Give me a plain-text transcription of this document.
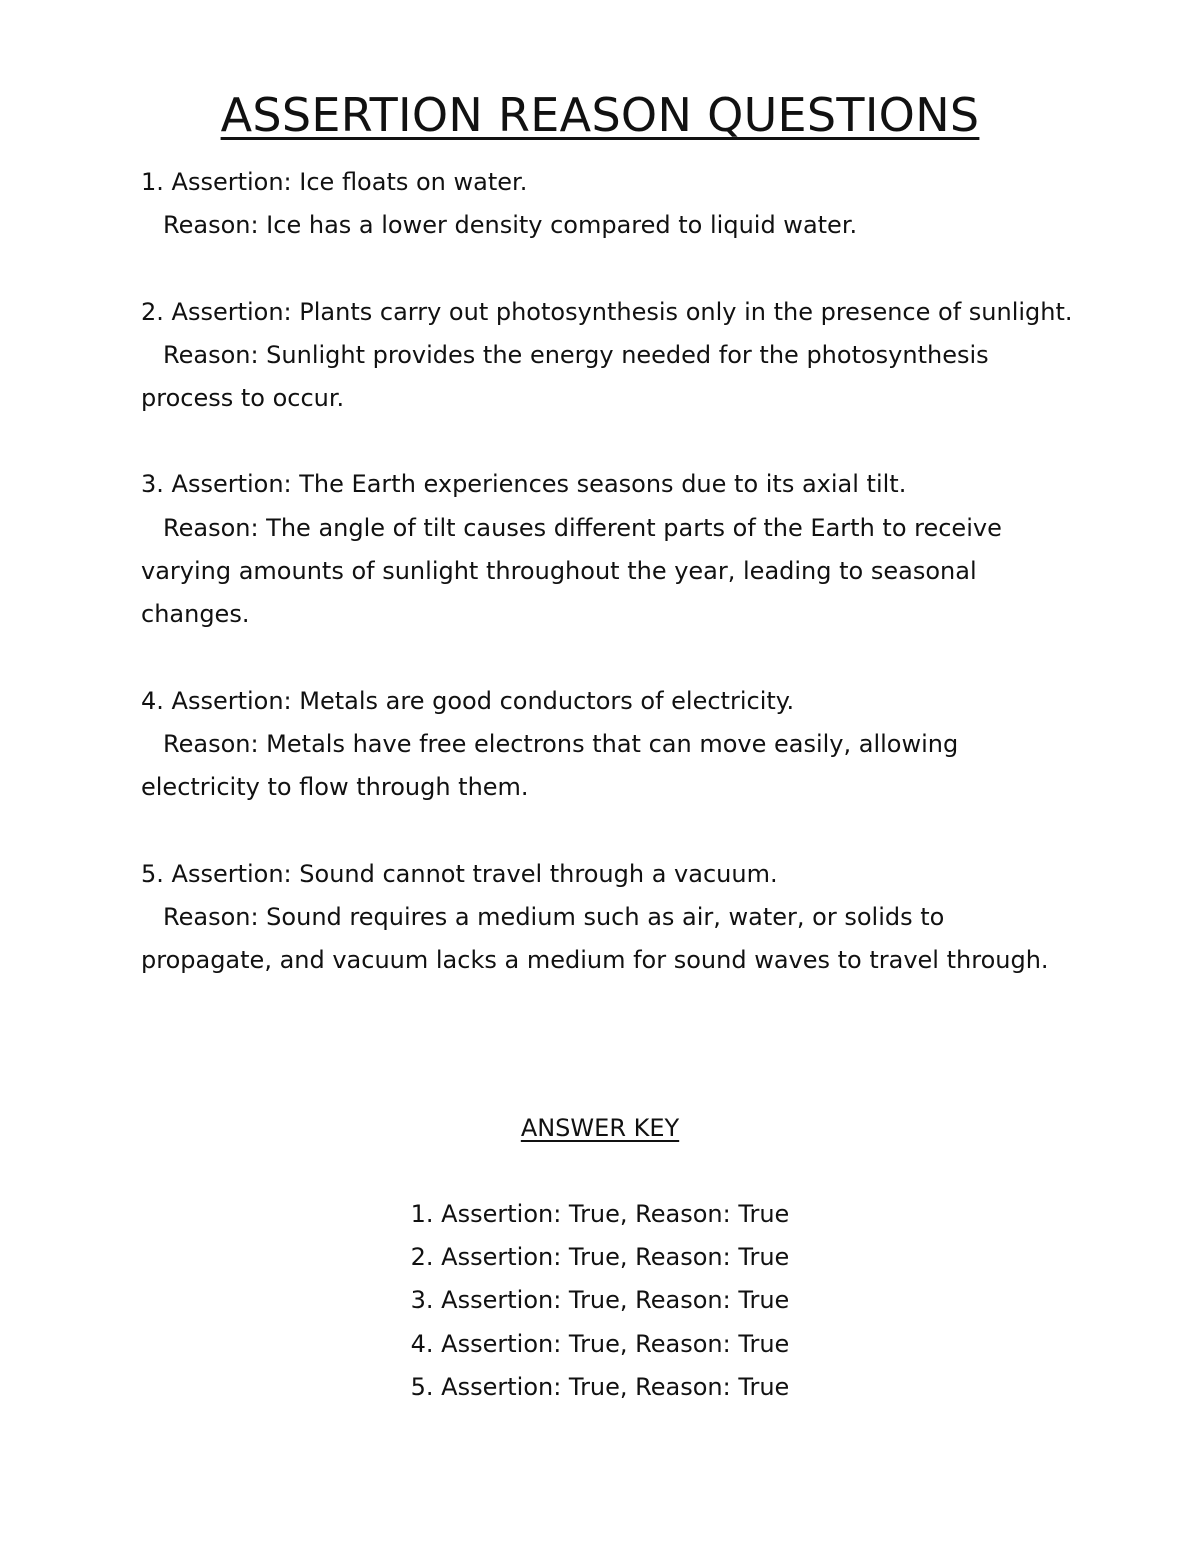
ASSERTION REASON QUESTIONS

1. Assertion: Ice floats on water.

Reason: Ice has a lower density compared to liquid water.

2. Assertion: Plants carry out photosynthesis only in the presence of sunlight.

Reason: Sunlight provides the energy needed for the photosynthesis process to occur.

3. Assertion: The Earth experiences seasons due to its axial tilt.

Reason: The angle of tilt causes different parts of the Earth to receive varying amounts of sunlight throughout the year, leading to seasonal changes.

4. Assertion: Metals are good conductors of electricity.

Reason: Metals have free electrons that can move easily, allowing electricity to flow through them.

5. Assertion: Sound cannot travel through a vacuum.

Reason: Sound requires a medium such as air, water, or solids to propagate, and vacuum lacks a medium for sound waves to travel through.

ANSWER KEY
1. Assertion: True, Reason: True
2. Assertion: True, Reason: True
3. Assertion: True, Reason: True
4. Assertion: True, Reason: True
5. Assertion: True, Reason: True
